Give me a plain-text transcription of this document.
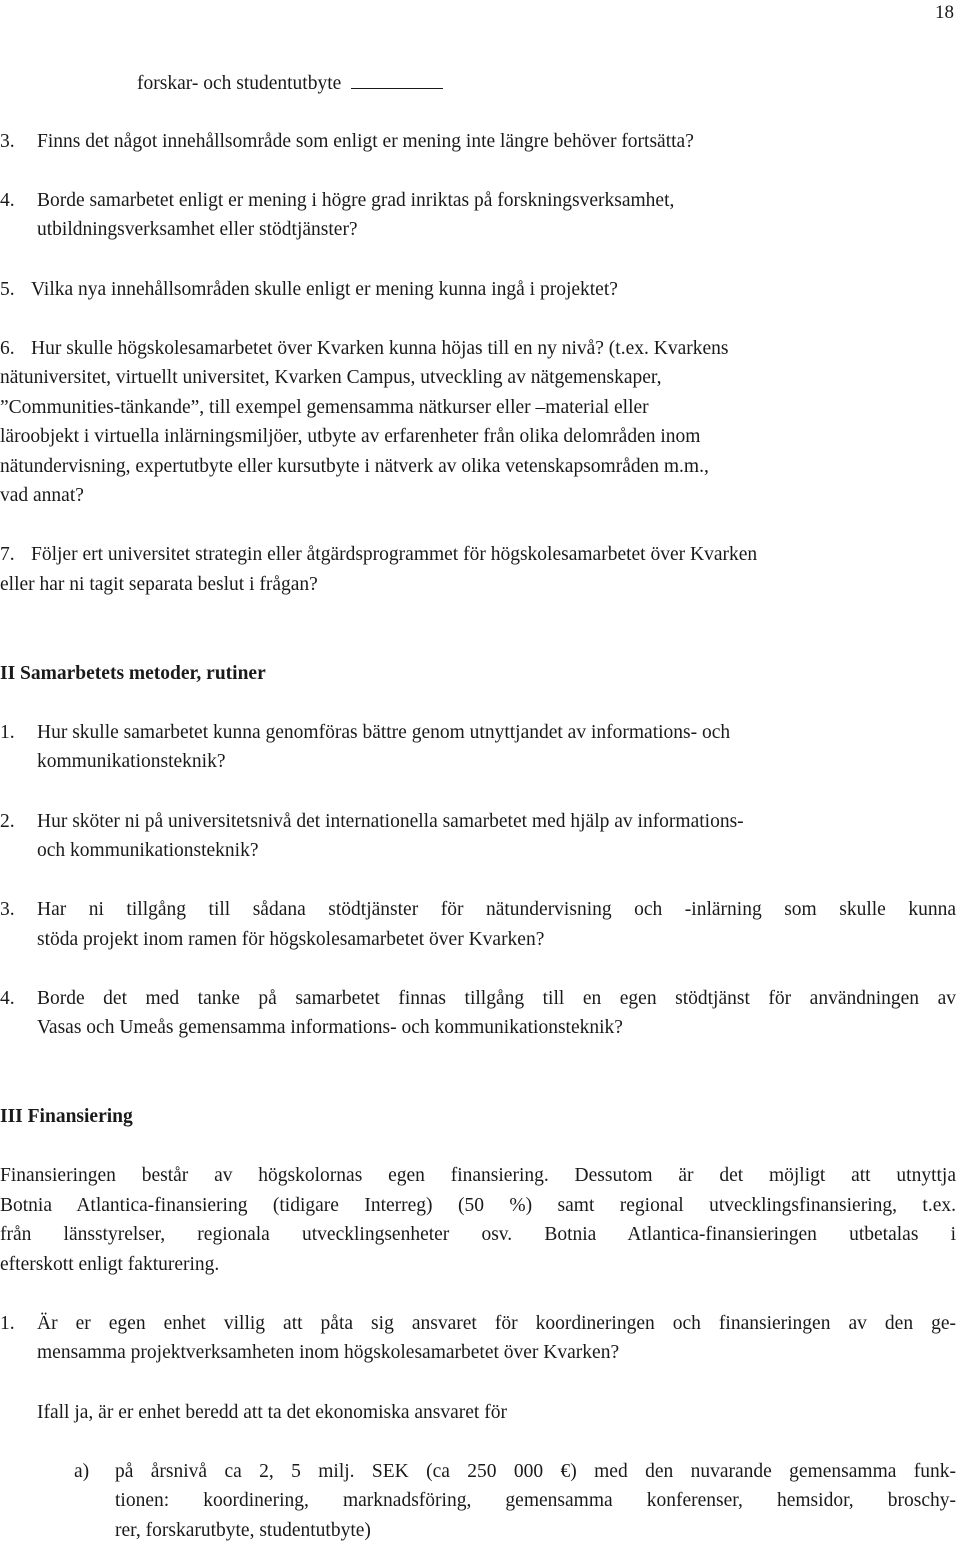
18
forskar- och studentutbyte
3. Finns det något innehållsområde som enligt er mening inte längre behöver fortsätta?
4. Borde samarbetet enligt er mening i högre grad inriktas på forskningsverksamhet,
utbildningsverksamhet eller stödtjänster?
5. Vilka nya innehållsområden skulle enligt er mening kunna ingå i projektet?
6. Hur skulle högskolesamarbetet över Kvarken kunna höjas till en ny nivå? (t.ex. Kvarkens
nätuniversitet, virtuellt universitet, Kvarken Campus, utveckling av nätgemenskaper,
”Communities-tänkande”, till exempel gemensamma nätkurser eller –material eller
läroobjekt i virtuella inlärningsmiljöer, utbyte av erfarenheter från olika delområden inom
nätundervisning, expertutbyte eller kursutbyte i nätverk av olika vetenskapsområden m.m.,
vad annat?
7. Följer ert universitet strategin eller åtgärdsprogrammet för högskolesamarbetet över Kvarken
eller har ni tagit separata beslut i frågan?
II Samarbetets metoder, rutiner
1. Hur skulle samarbetet kunna genomföras bättre genom utnyttjandet av informations- och
kommunikationsteknik?
2. Hur sköter ni på universitetsnivå det internationella samarbetet med hjälp av informations-
och kommunikationsteknik?
3. Har ni tillgång till sådana stödtjänster för nätundervisning och -inlärning som skulle kunna
stöda projekt inom ramen för högskolesamarbetet över Kvarken?
4. Borde det med tanke på samarbetet finnas tillgång till en egen stödtjänst för användningen av
Vasas och Umeås gemensamma informations- och kommunikationsteknik?
III Finansiering
Finansieringen består av högskolornas egen finansiering. Dessutom är det möjligt att utnyttja
Botnia Atlantica-finansiering (tidigare Interreg) (50 %) samt regional utvecklingsfinansiering, t.ex.
från länsstyrelser, regionala utvecklingsenheter osv. Botnia Atlantica-finansieringen utbetalas i
efterskott enligt fakturering.
1. Är er egen enhet villig att påta sig ansvaret för koordineringen och finansieringen av den ge-
mensamma projektverksamheten inom högskolesamarbetet över Kvarken?
Ifall ja, är er enhet beredd att ta det ekonomiska ansvaret för
a) på årsnivå ca 2, 5 milj. SEK (ca 250 000 €) med den nuvarande gemensamma funk-
tionen: koordinering, marknadsföring, gemensamma konferenser, hemsidor, broschy-
rer, forskarutbyte, studentutbyte)
